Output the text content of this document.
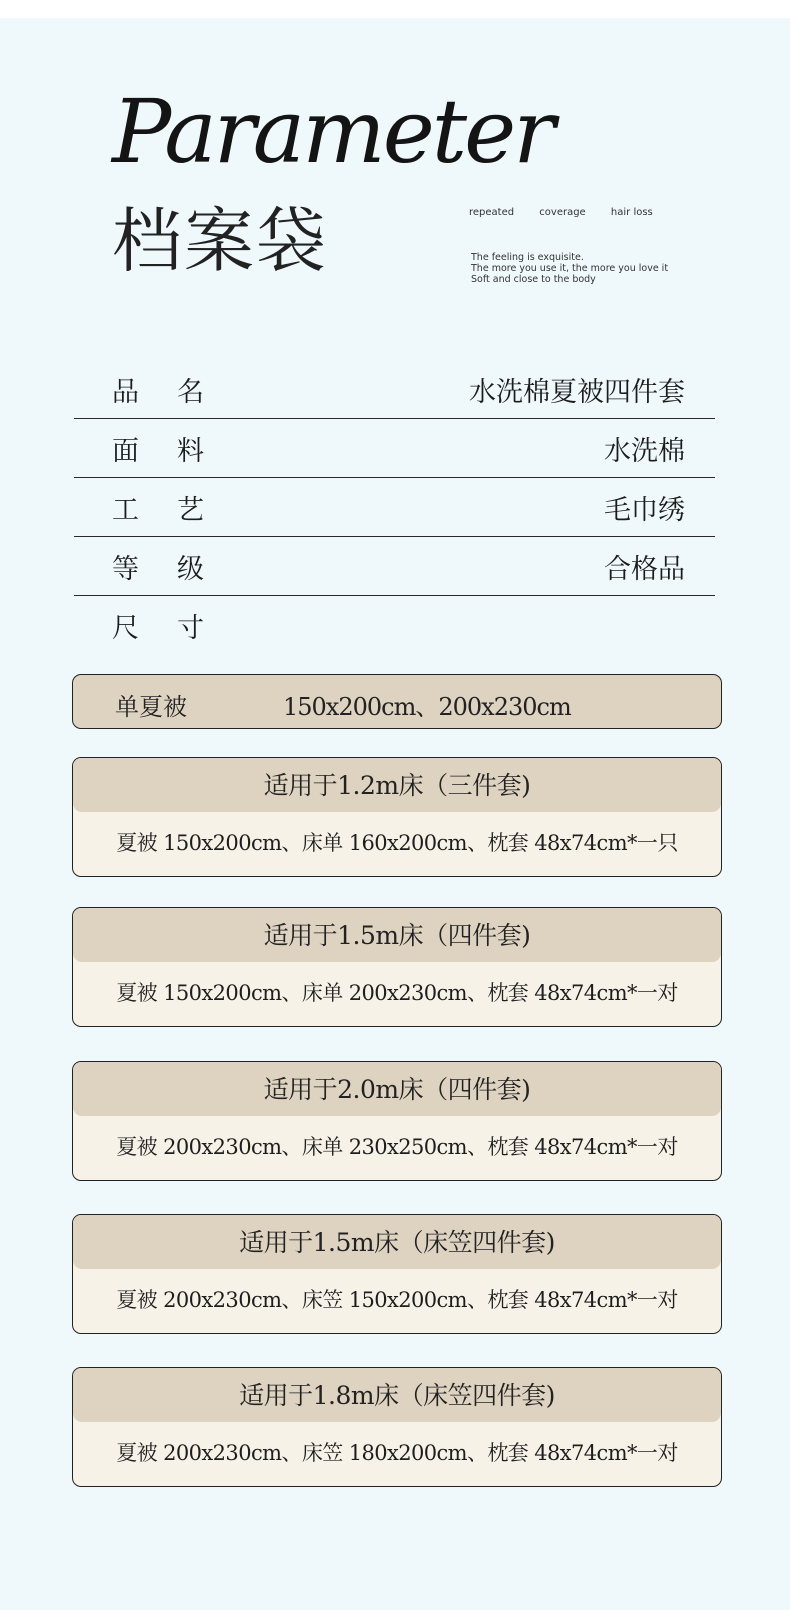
Parameter
档案袋	repeated	coverage	hair loss
The feeling is exquisite.
The more you use it, the more you love it
Soft and close to the body
品名	水洗棉夏被四件套
面料	水洗棉
工艺	毛巾绣
等级	合格品
尺寸
单夏被	150x200cm、200x230cm
适用于1.2m床（三件套)
夏被 150x200cm、床单 160x200cm、枕套 48x74cm*一只
适用于1.5m床（四件套)
夏被 150x200cm、床单 200x230cm、枕套 48x74cm*一对
适用于2.0m床（四件套)
夏被 200x230cm、床单 230x250cm、枕套 48x74cm*一对
适用于1.5m床（床笠四件套)
夏被 200x230cm、床笠 150x200cm、枕套 48x74cm*一对
适用于1.8m床（床笠四件套)
夏被 200x230cm、床笠 180x200cm、枕套 48x74cm*一对
